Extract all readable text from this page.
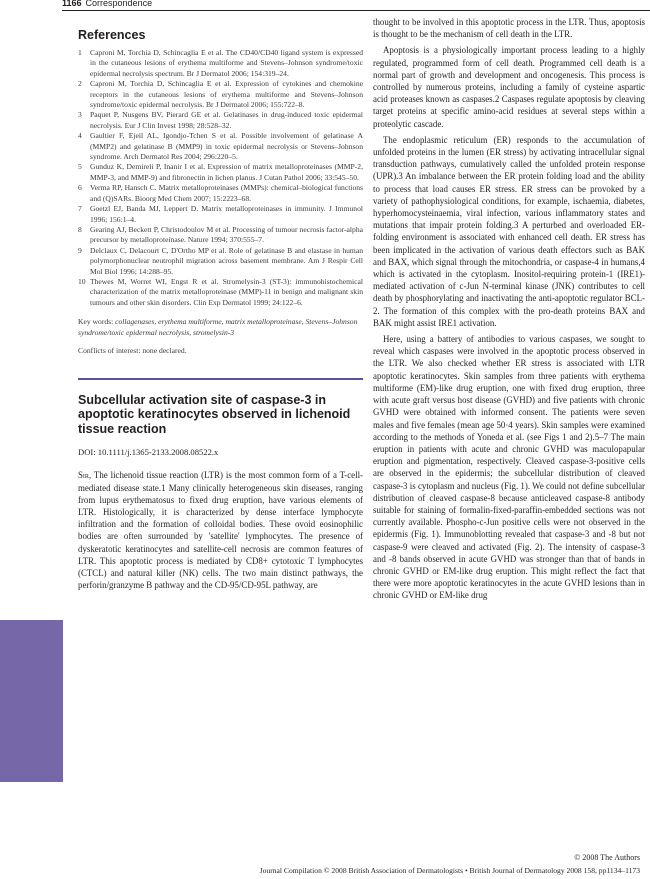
1166 Correspondence
References
1 Caproni M, Torchia D, Schincaglia E et al. The CD40/CD40 ligand system is expressed in the cutaneous lesions of erythema multiforme and Stevens–Johnson syndrome/toxic epidermal necrolysis spectrum. Br J Dermatol 2006; 154:319–24.
2 Caproni M, Torchia D, Schincaglia E et al. Expression of cytokines and chemokine receptors in the cutaneous lesions of erythema multiforme and Stevens–Johnson syndrome/toxic epidermal necrolysis. Br J Dermatol 2006; 155:722–8.
3 Paquet P, Nusgens BV, Pierard GE et al. Gelatinases in drug-induced toxic epidermal necrolysis. Eur J Clin Invest 1998; 28:528–32.
4 Gaultier F, Ejeil AL, Igondjo-Tchen S et al. Possible involvement of gelatinase A (MMP2) and gelatinase B (MMP9) in toxic epidermal necrolysis or Stevens–Johnson syndrome. Arch Dermatol Res 2004; 296:220–5.
5 Gunduz K, Demireli P, Inanir I et al. Expression of matrix metalloproteinases (MMP-2, MMP-3, and MMP-9) and fibronectin in lichen planus. J Cutan Pathol 2006; 33:545–50.
6 Verma RP, Hansch C. Matrix metalloproteinases (MMPs): chemical–biological functions and (Q)SARs. Bioorg Med Chem 2007; 15:2223–68.
7 Goetzl EJ, Banda MJ, Leppert D. Matrix metalloproteinases in immunity. J Immunol 1996; 156:1–4.
8 Gearing AJ, Beckett P, Christodoulov M et al. Processing of tumour necrosis factor-alpha precursor by metalloproteinase. Nature 1994; 370:555–7.
9 Delclaux C, Delacourt C, D'Ortho MP et al. Role of gelatinase B and elastase in human polymorphonuclear neutrophil migration across basement membrane. Am J Respir Cell Mol Biol 1996; 14:288–95.
10 Thewes M, Worret WI, Engst R et al. Stromelysin-3 (ST-3): immunohistochemical characterization of the matrix metalloproteinase (MMP)-11 in benign and malignant skin tumours and other skin disorders. Clin Exp Dermatol 1999; 24:122–6.
Key words: collagenases, erythema multiforme, matrix metalloproteinase, Stevens–Johnson syndrome/toxic epidermal necrolysis, stromelysin-3
Conflicts of interest: none declared.
Subcellular activation site of caspase-3 in apoptotic keratinocytes observed in lichenoid tissue reaction
DOI: 10.1111/j.1365-2133.2008.08522.x

Sir, The lichenoid tissue reaction (LTR) is the most common form of a T-cell-mediated disease state.1 Many clinically heterogeneous skin diseases, ranging from lupus erythematosus to fixed drug eruption, have various elements of LTR. Histologically, it is characterized by dense interface lymphocyte infiltration and the formation of colloidal bodies. These ovoid eosinophilic bodies are often surrounded by 'satellite' lymphocytes. The presence of dyskeratotic keratinocytes and satellite-cell necrosis are common features of LTR. This apoptotic process is mediated by CD8+ cytotoxic T lymphocytes (CTCL) and natural killer (NK) cells. The two main distinct pathways, the perforin/granzyme B pathway and the CD-95/CD-95L pathway, are

thought to be involved in this apoptotic process in the LTR. Thus, apoptosis is thought to be the mechanism of cell death in the LTR.

Apoptosis is a physiologically important process leading to a highly regulated, programmed form of cell death. Programmed cell death is a normal part of growth and development and oncogenesis. This process is controlled by numerous proteins, including a family of cysteine aspartic acid proteases known as caspases.2 Caspases regulate apoptosis by cleaving target proteins at specific amino-acid residues at several steps within a proteolytic cascade.

The endoplasmic reticulum (ER) responds to the accumulation of unfolded proteins in the lumen (ER stress) by activating intracellular signal transduction pathways, cumulatively called the unfolded protein response (UPR).3 An imbalance between the ER protein folding load and the ability to process that load causes ER stress. ER stress can be provoked by a variety of pathophysiological conditions, for example, ischaemia, diabetes, hyperhomocysteinaemia, viral infection, various inflammatory states and mutations that impair protein folding.3 A perturbed and overloaded ER-folding environment is associated with enhanced cell death. ER stress has been implicated in the activation of various death effectors such as BAK and BAX, which signal through the mitochondria, or caspase-4 in humans,4 which is activated in the cytoplasm. Inositol-requiring protein-1 (IRE1)-mediated activation of c-Jun N-terminal kinase (JNK) contributes to cell death by phosphorylating and inactivating the anti-apoptotic regulator BCL-2. The formation of this complex with the pro-death proteins BAX and BAK might assist IRE1 activation.

Here, using a battery of antibodies to various caspases, we sought to reveal which caspases were involved in the apoptotic process observed in the LTR. We also checked whether ER stress is associated with LTR apoptotic keratinocytes. Skin samples from three patients with erythema multiforme (EM)-like drug eruption, one with fixed drug eruption, three with acute graft versus host disease (GVHD) and five patients with chronic GVHD were obtained with informed consent. The patients were seven males and five females (mean age 50·4 years). Skin samples were examined according to the methods of Yoneda et al. (see Figs 1 and 2).5–7 The main eruption in patients with acute and chronic GVHD was maculopapular eruption and pigmentation, respectively. Cleaved caspase-3-positive cells are observed in the epidermis; the subcellular distribution of cleaved caspase-3 is cytoplasm and nucleus (Fig. 1). We could not define subcellular distribution of cleaved caspase-8 because anticleaved caspase-8 antibody suitable for staining of formalin-fixed-paraffin-embedded sections was not currently available. Phospho-c-Jun positive cells were not observed in the epidermis (Fig. 1). Immunoblotting revealed that caspase-3 and -8 but not caspase-9 were cleaved and activated (Fig. 2). The intensity of caspase-3 and -8 bands observed in acute GVHD was stronger than that of bands in chronic GVHD or EM-like drug eruption. This might reflect the fact that there were more apoptotic keratinocytes in the acute GVHD lesions than in chronic GVHD or EM-like drug

© 2008 The Authors
Journal Compilation © 2008 British Association of Dermatologists • British Journal of Dermatology 2008 158, pp1134–1173
